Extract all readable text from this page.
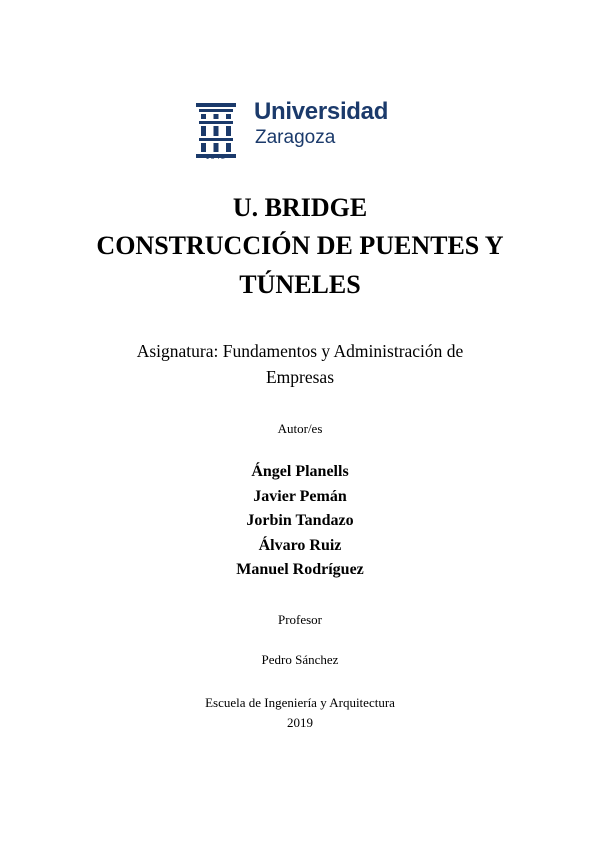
1542
Universidad
Zaragoza
U. BRIDGE
CONSTRUCCIÓN DE PUENTES Y
TÚNELES
Asignatura: Fundamentos y Administración de
Empresas
Autor/es
Ángel Planells
Javier Pemán
Jorbin Tandazo
Álvaro Ruiz
Manuel Rodríguez
Profesor
Pedro Sánchez
Escuela de Ingeniería y Arquitectura
2019
